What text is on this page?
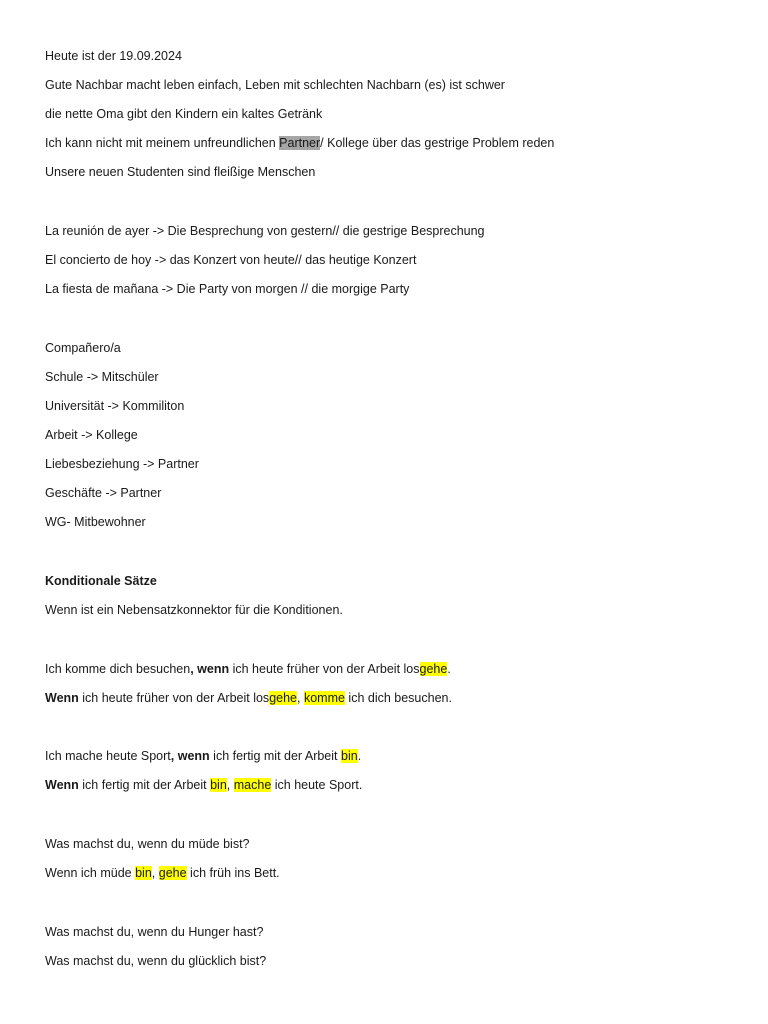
Heute ist der 19.09.2024
Gute Nachbar macht leben einfach, Leben mit schlechten Nachbarn (es) ist schwer
die nette Oma gibt den Kindern ein kaltes Getränk
Ich kann nicht mit meinem unfreundlichen Partner/ Kollege über das gestrige Problem reden
Unsere neuen Studenten sind fleißige Menschen
La reunión de ayer -> Die Besprechung von gestern// die gestrige Besprechung
El concierto de hoy -> das Konzert von heute// das heutige Konzert
La fiesta de mañana -> Die Party von morgen // die morgige Party
Compañero/a
Schule -> Mitschüler
Universität -> Kommiliton
Arbeit -> Kollege
Liebesbeziehung -> Partner
Geschäfte -> Partner
WG- Mitbewohner
Konditionale Sätze
Wenn ist ein Nebensatzkonnektor für die Konditionen.
Ich komme dich besuchen, wenn ich heute früher von der Arbeit losgehe.
Wenn ich heute früher von der Arbeit losgehe, komme ich dich besuchen.
Ich mache heute Sport, wenn ich fertig mit der Arbeit bin.
Wenn ich fertig mit der Arbeit bin, mache ich heute Sport.
Was machst du, wenn du müde bist?
Wenn ich müde bin, gehe ich früh ins Bett.
Was machst du, wenn du Hunger hast?
Was machst du, wenn du glücklich bist?
